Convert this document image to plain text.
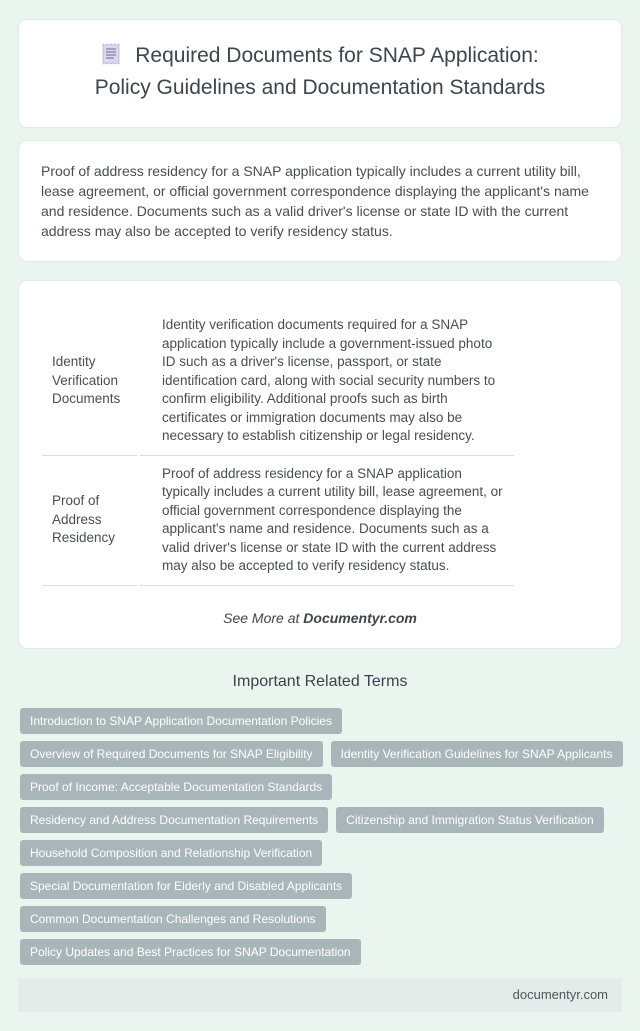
Required Documents for SNAP Application:
Policy Guidelines and Documentation Standards

Proof of address residency for a SNAP application typically includes a current utility bill, lease agreement, or official government correspondence displaying the applicant's name and residence. Documents such as a valid driver's license or state ID with the current address may also be accepted to verify residency status.

Identity Verification Documents	Identity verification documents required for a SNAP application typically include a government-issued photo ID such as a driver's license, passport, or state identification card, along with social security numbers to confirm eligibility. Additional proofs such as birth certificates or immigration documents may also be necessary to establish citizenship or legal residency.
Proof of Address Residency	Proof of address residency for a SNAP application typically includes a current utility bill, lease agreement, or official government correspondence displaying the applicant's name and residence. Documents such as a valid driver's license or state ID with the current address may also be accepted to verify residency status.
See More at Documentyr.com
Important Related Terms
Introduction to SNAP Application Documentation Policies
Overview of Required Documents for SNAP Eligibility	Identity Verification Guidelines for SNAP Applicants
Proof of Income: Acceptable Documentation Standards
Residency and Address Documentation Requirements	Citizenship and Immigration Status Verification
Household Composition and Relationship Verification
Special Documentation for Elderly and Disabled Applicants
Common Documentation Challenges and Resolutions
Policy Updates and Best Practices for SNAP Documentation
documentyr.com
